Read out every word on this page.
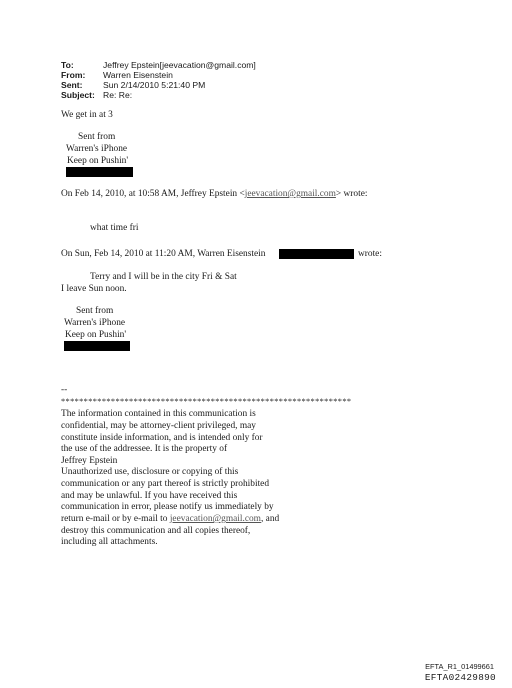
To:	Jeffrey Epstein[jeevacation@gmail.com]
From: Warren Eisenstein
Sent: Sun 2/14/2010 5:21:40 PM
Subject: Re: Re:
We get in at 3
Sent from
Warren's iPhone
Keep on Pushin'
On Feb 14, 2010, at 10:58 AM, Jeffrey Epstein <jeevacation@gmail.com> wrote:
what time fri
On Sun, Feb 14, 2010 at 11:20 AM, Warren Eisenstein	wrote:
Terry and I will be in the city Fri & Sat
I leave Sun noon.
Sent from
Warren's iPhone
Keep on Pushin'
--
****************************************************************
The information contained in this communication is
confidential, may be attorney-client privileged, may
constitute inside information, and is intended only for
the use of the addressee. It is the property of
Jeffrey Epstein
Unauthorized use, disclosure or copying of this
communication or any part thereof is strictly prohibited
and may be unlawful. If you have received this
communication in error, please notify us immediately by
return e-mail or by e-mail to jeevacation@gmail.com, and
destroy this communication and all copies thereof,
including all attachments.
EFTA_R1_01499661
EFTA02429890
